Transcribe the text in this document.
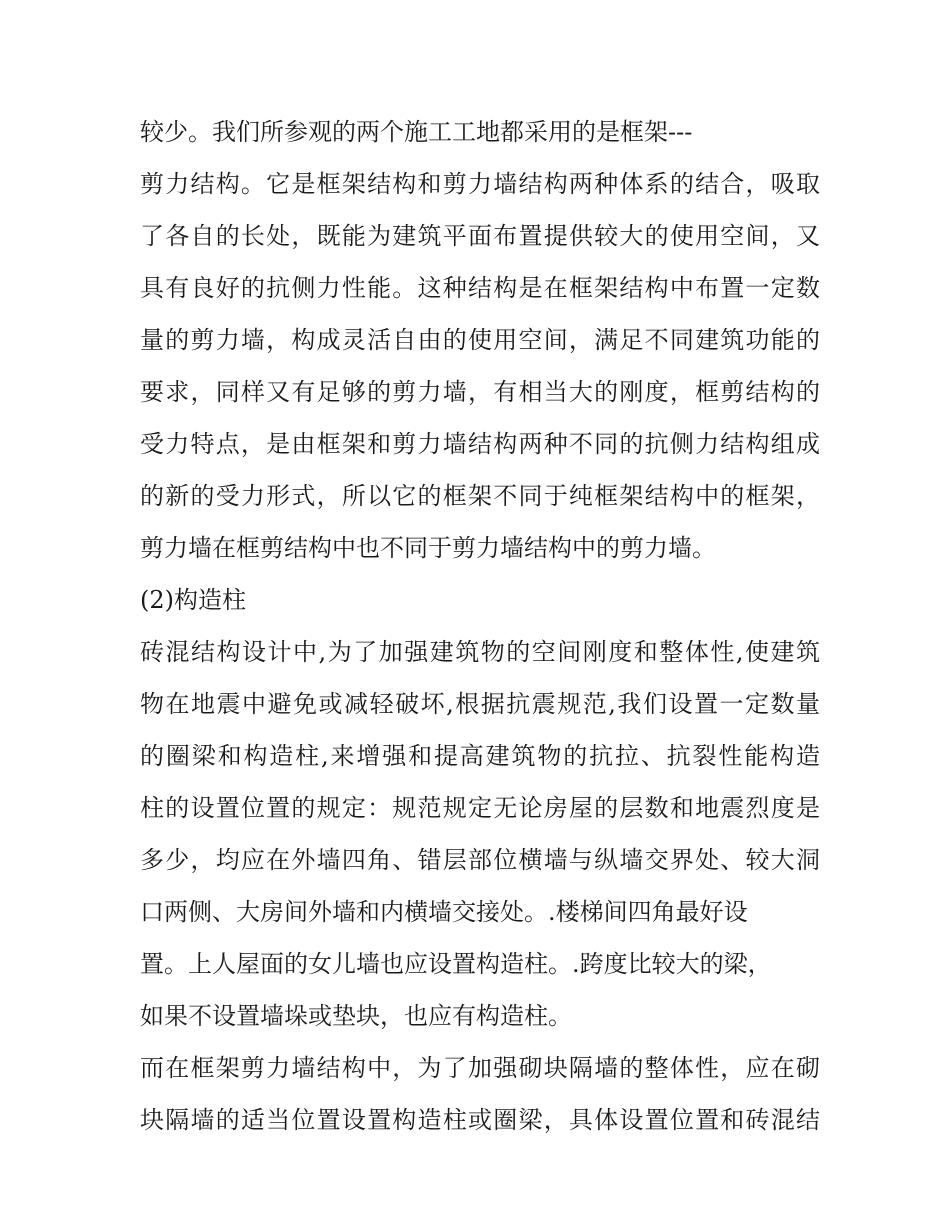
较少。我们所参观的两个施工工地都采用的是框架---
剪力结构。它是框架结构和剪力墙结构两种体系的结合，吸取
了各自的长处，既能为建筑平面布置提供较大的使用空间，又
具有良好的抗侧力性能。这种结构是在框架结构中布置一定数
量的剪力墙，构成灵活自由的使用空间，满足不同建筑功能的
要求，同样又有足够的剪力墙，有相当大的刚度，框剪结构的
受力特点，是由框架和剪力墙结构两种不同的抗侧力结构组成
的新的受力形式，所以它的框架不同于纯框架结构中的框架，
剪力墙在框剪结构中也不同于剪力墙结构中的剪力墙。
(2)构造柱
砖混结构设计中,为了加强建筑物的空间刚度和整体性,使建筑
物在地震中避免或减轻破坏,根据抗震规范,我们设置一定数量
的圈梁和构造柱,来增强和提高建筑物的抗拉、抗裂性能构造
柱的设置位置的规定：规范规定无论房屋的层数和地震烈度是
多少，均应在外墙四角、错层部位横墙与纵墙交界处、较大洞
口两侧、大房间外墙和内横墙交接处。.楼梯间四角最好设
置。上人屋面的女儿墙也应设置构造柱。.跨度比较大的梁，
如果不设置墙垛或垫块，也应有构造柱。
而在框架剪力墙结构中，为了加强砌块隔墙的整体性，应在砌
块隔墙的适当位置设置构造柱或圈梁，具体设置位置和砖混结
